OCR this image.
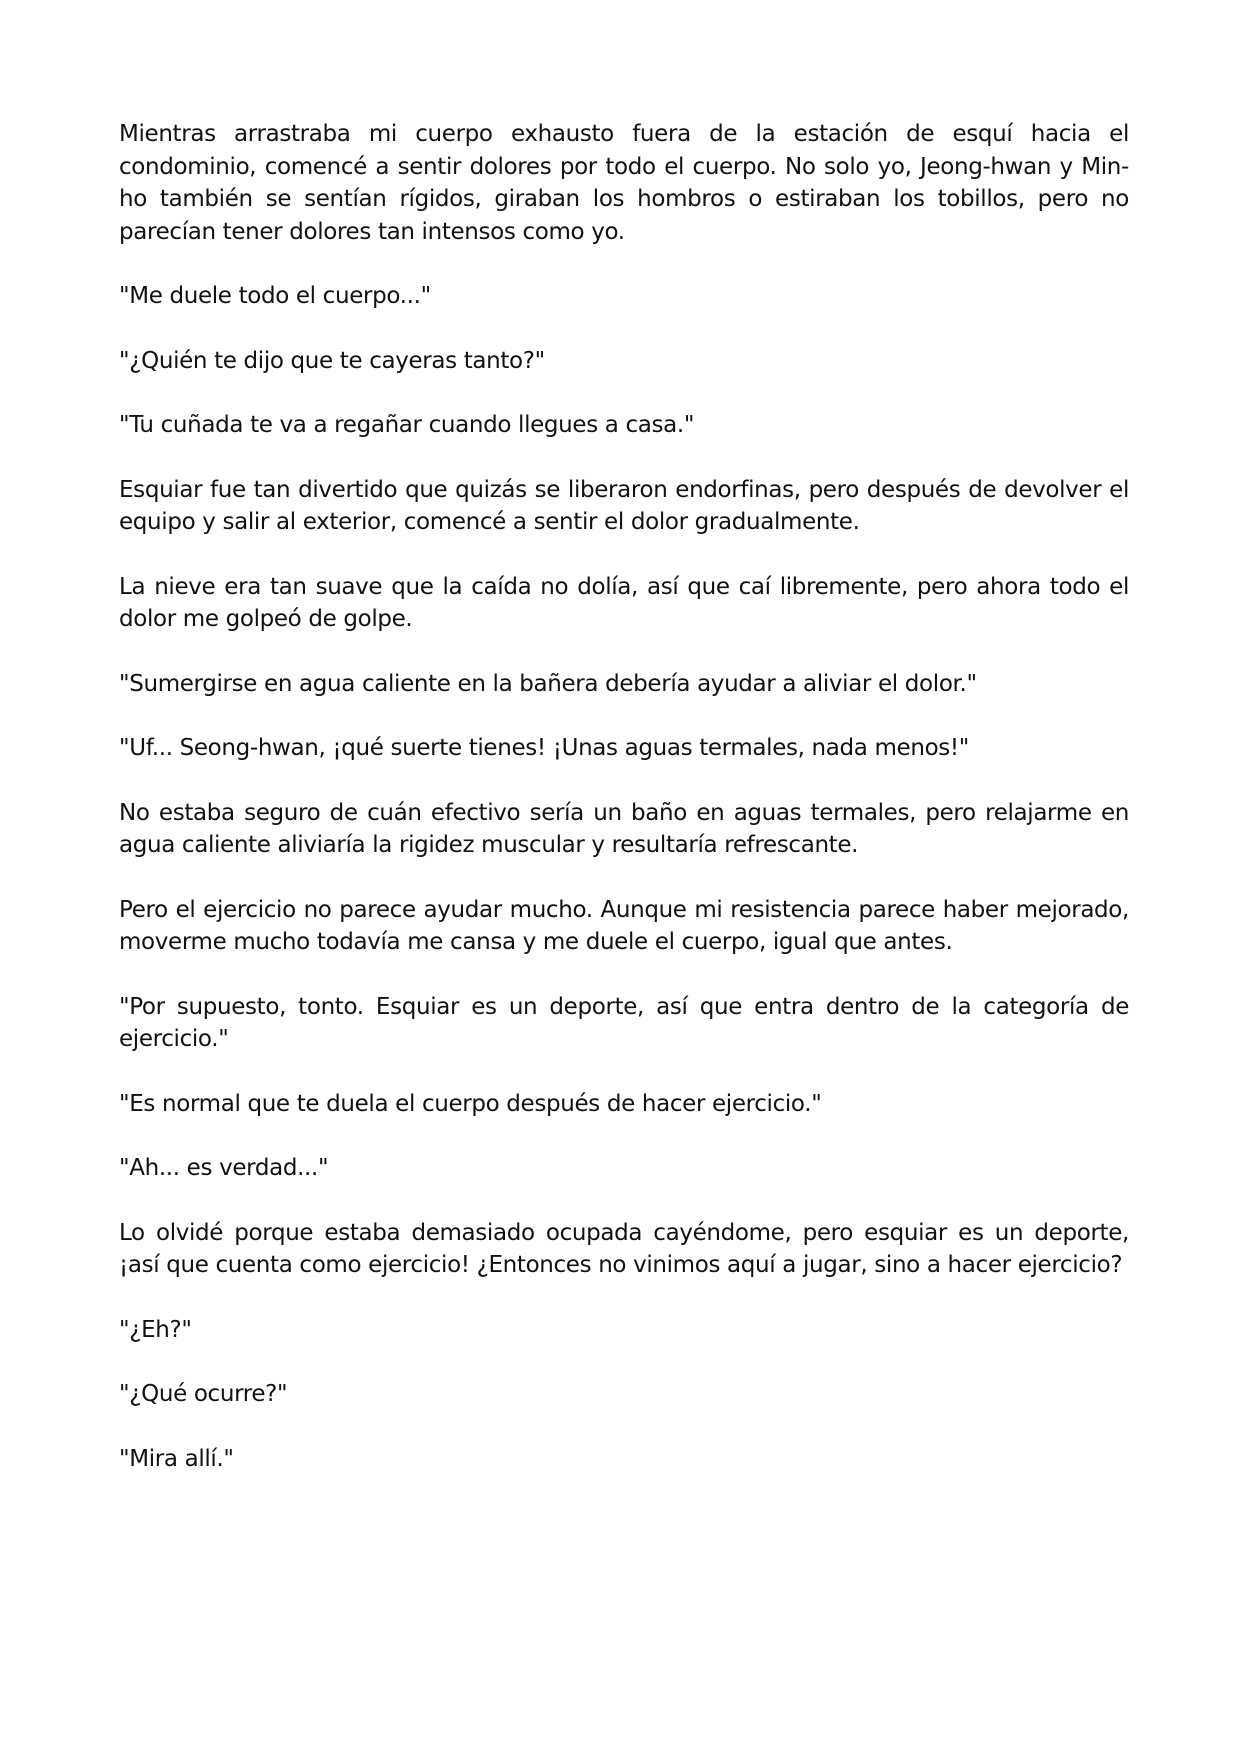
Mientras arrastraba mi cuerpo exhausto fuera de la estación de esquí hacia el condominio, comencé a sentir dolores por todo el cuerpo. No solo yo, Jeong-hwan y Min-ho también se sentían rígidos, giraban los hombros o estiraban los tobillos, pero no parecían tener dolores tan intensos como yo.

"Me duele todo el cuerpo..."

"¿Quién te dijo que te cayeras tanto?"

"Tu cuñada te va a regañar cuando llegues a casa."

Esquiar fue tan divertido que quizás se liberaron endorfinas, pero después de devolver el equipo y salir al exterior, comencé a sentir el dolor gradualmente.

La nieve era tan suave que la caída no dolía, así que caí libremente, pero ahora todo el dolor me golpeó de golpe.

"Sumergirse en agua caliente en la bañera debería ayudar a aliviar el dolor."

"Uf... Seong-hwan, ¡qué suerte tienes! ¡Unas aguas termales, nada menos!"

No estaba seguro de cuán efectivo sería un baño en aguas termales, pero relajarme en agua caliente aliviaría la rigidez muscular y resultaría refrescante.

Pero el ejercicio no parece ayudar mucho. Aunque mi resistencia parece haber mejorado, moverme mucho todavía me cansa y me duele el cuerpo, igual que antes.

"Por supuesto, tonto. Esquiar es un deporte, así que entra dentro de la categoría de ejercicio."

"Es normal que te duela el cuerpo después de hacer ejercicio."

"Ah... es verdad..."

Lo olvidé porque estaba demasiado ocupada cayéndome, pero esquiar es un deporte, ¡así que cuenta como ejercicio! ¿Entonces no vinimos aquí a jugar, sino a hacer ejercicio?

"¿Eh?"

"¿Qué ocurre?"

"Mira allí."
